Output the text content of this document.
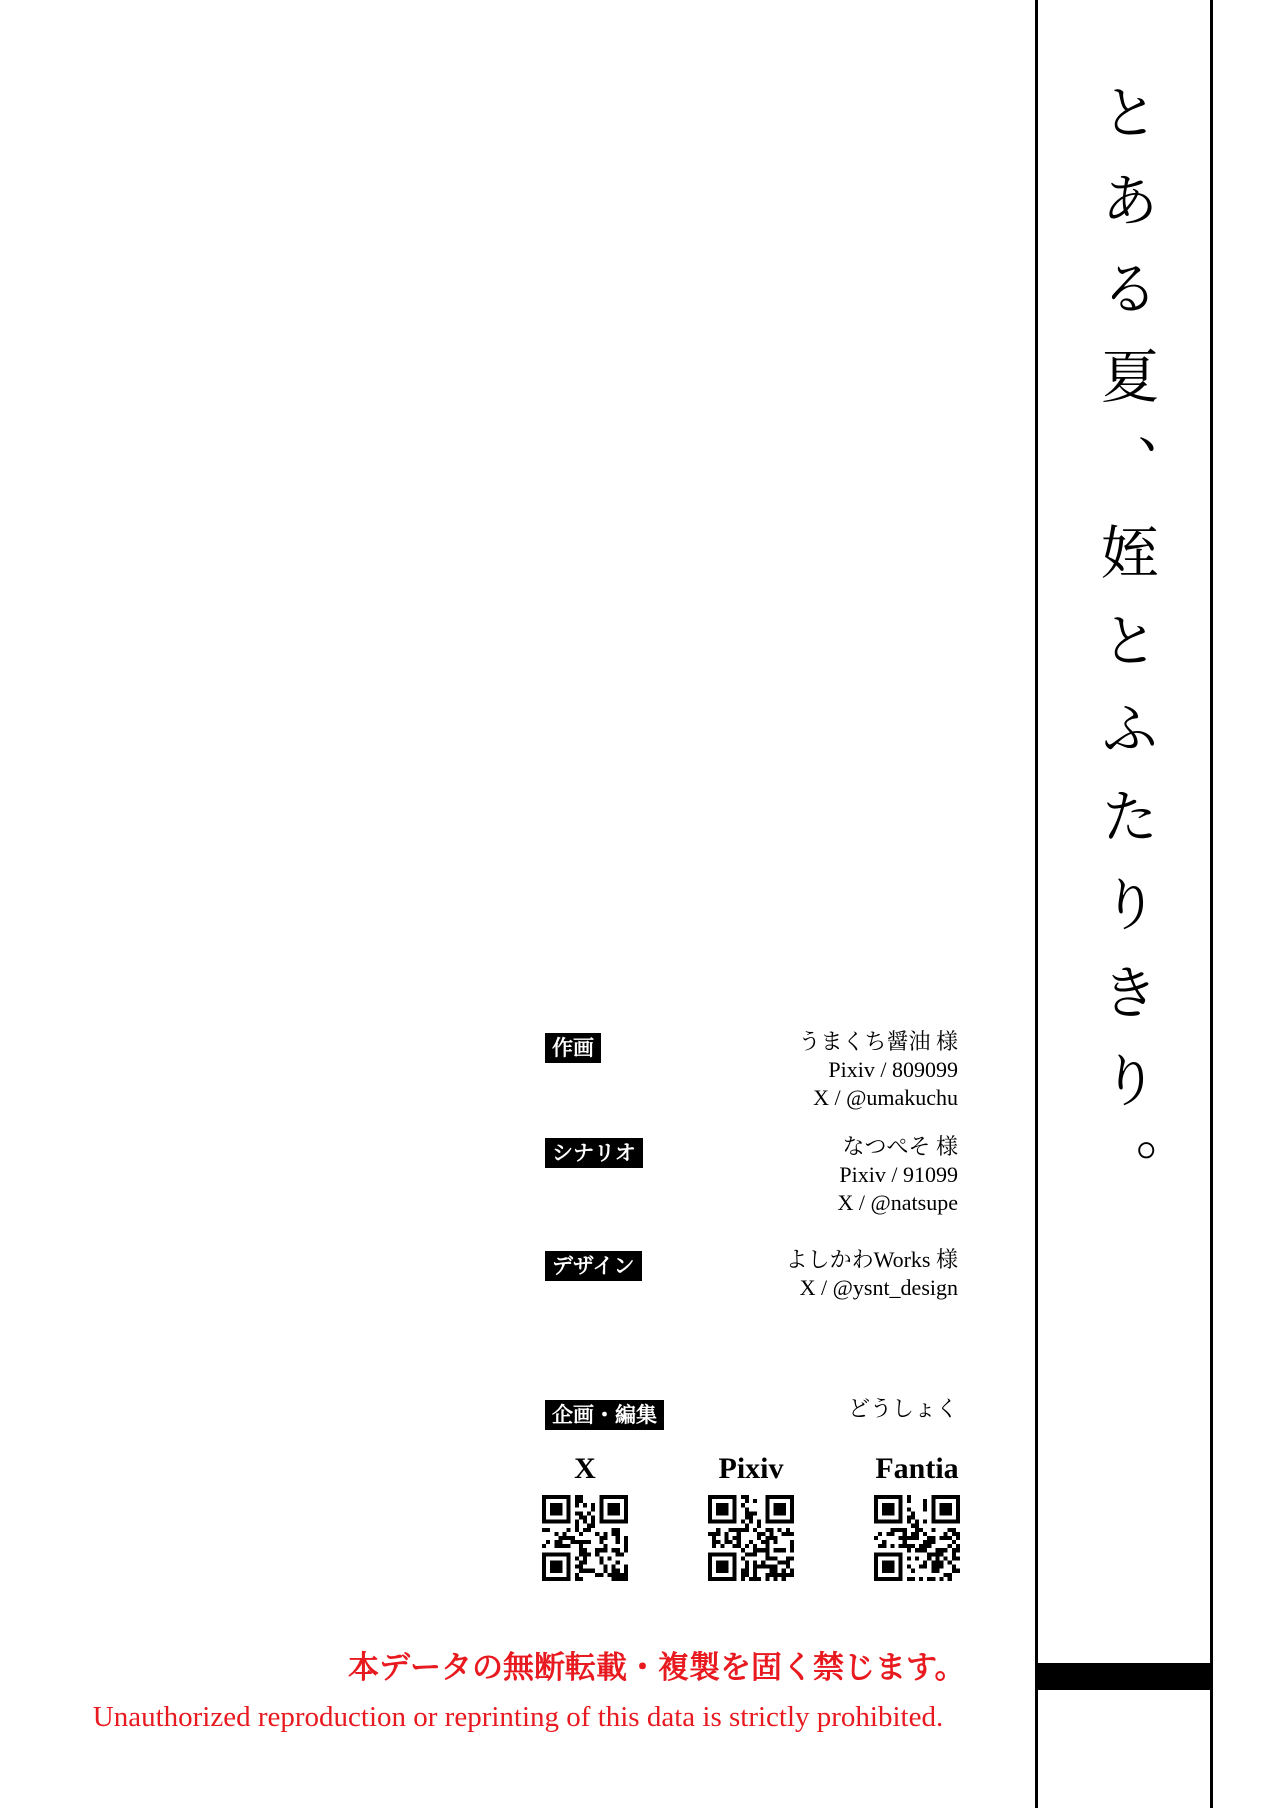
とある夏、姪とふたりきり。
作画	うまくち醤油 様
Pixiv / 809099
X / @umakuchu
シナリオ	なつぺそ 様
Pixiv / 91099
X / @natsupe
デザイン	よしかわWorks 様
X / @ysnt_design
企画・編集	どうしょく
X	Pixiv	Fantia
本データの無断転載・複製を固く禁じます。
Unauthorized reproduction or reprinting of this data is strictly prohibited.
